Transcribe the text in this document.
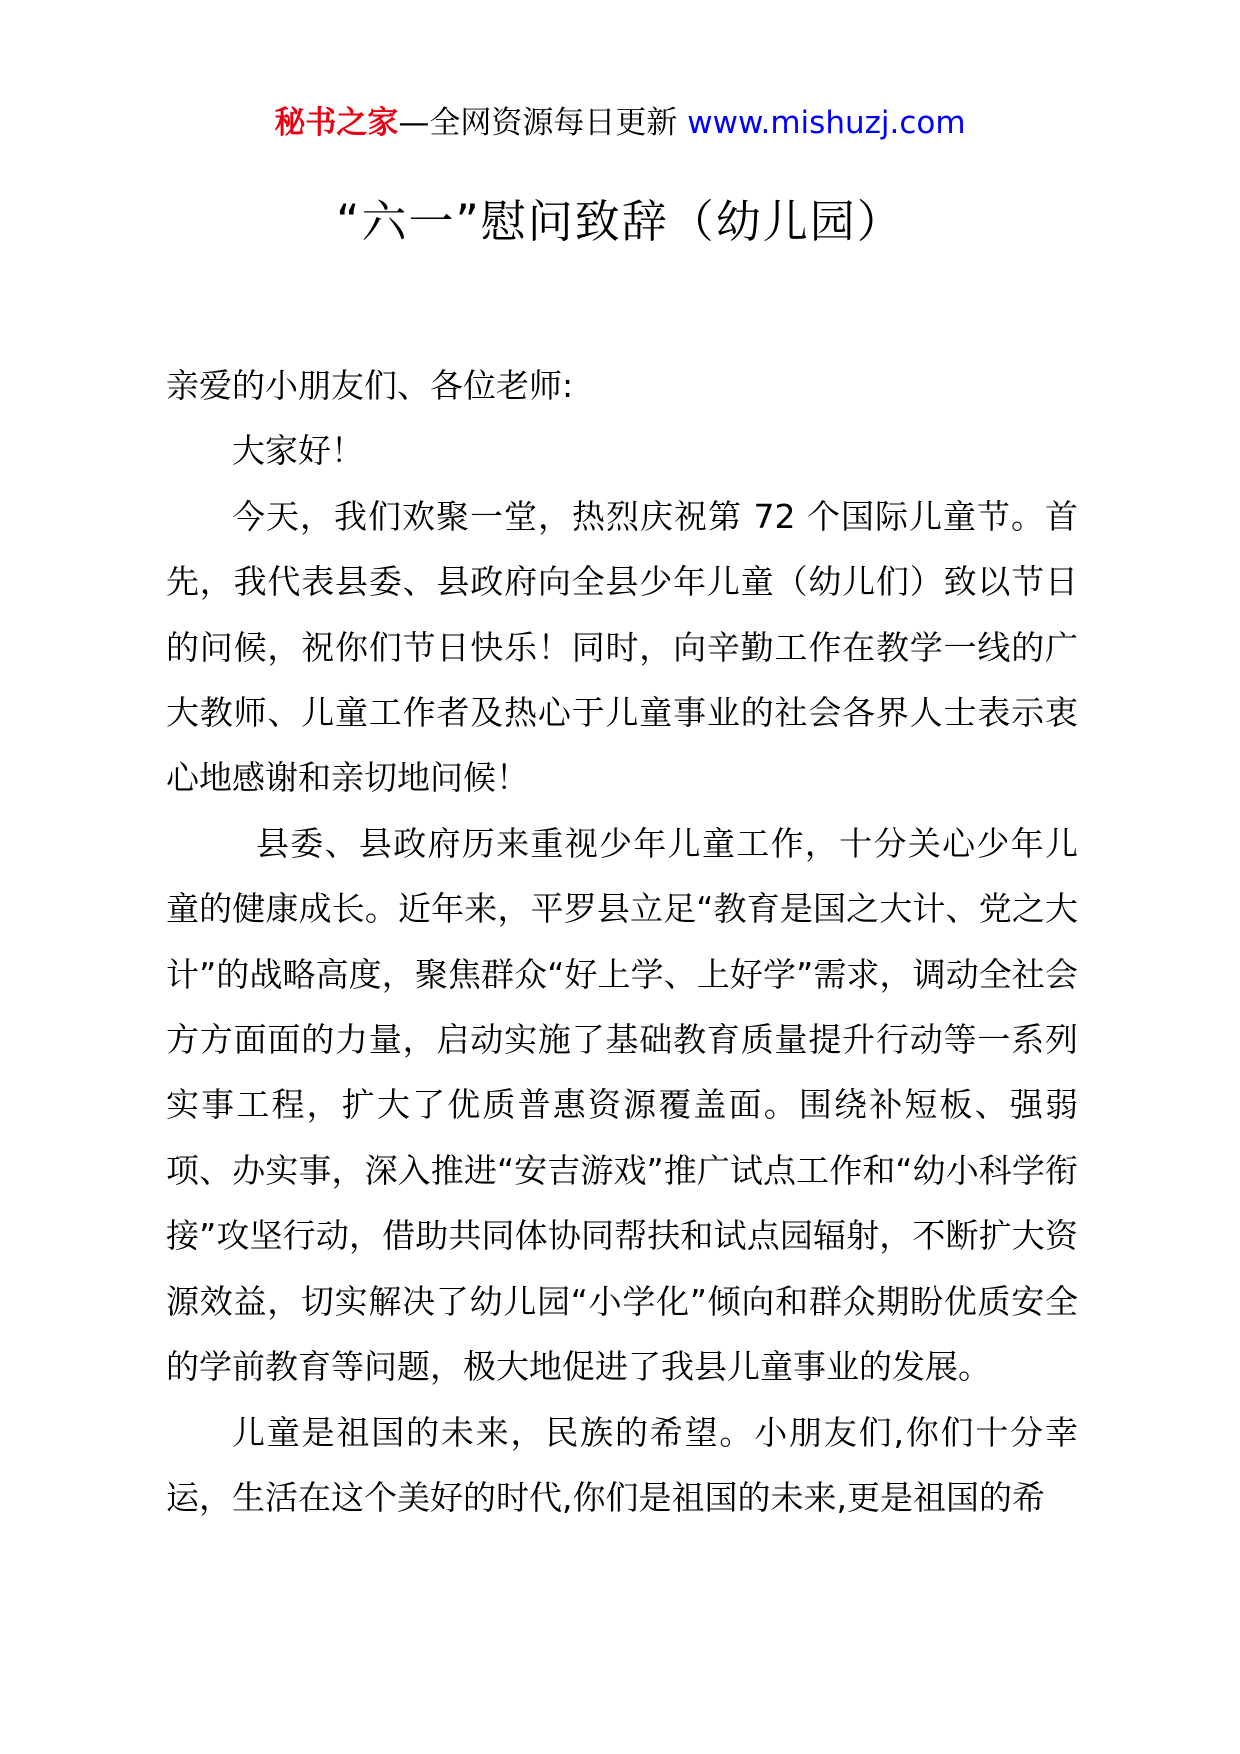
秘书之家—全网资源每日更新 www.mishuzj.com
“六一”慰问致辞（幼儿园）

亲爱的小朋友们、各位老师:

大家好！

今天，我们欢聚一堂，热烈庆祝第 72 个国际儿童节。首先，我代表县委、县政府向全县少年儿童（幼儿们）致以节日的问候，祝你们节日快乐！同时，向辛勤工作在教学一线的广大教师、儿童工作者及热心于儿童事业的社会各界人士表示衷心地感谢和亲切地问候！

县委、县政府历来重视少年儿童工作，十分关心少年儿童的健康成长。近年来，平罗县立足“教育是国之大计、党之大计”的战略高度，聚焦群众“好上学、上好学”需求，调动全社会方方面面的力量，启动实施了基础教育质量提升行动等一系列实事工程，扩大了优质普惠资源覆盖面。围绕补短板、强弱项、办实事，深入推进“安吉游戏”推广试点工作和“幼小科学衔接”攻坚行动，借助共同体协同帮扶和试点园辐射，不断扩大资源效益，切实解决了幼儿园“小学化”倾向和群众期盼优质安全的学前教育等问题，极大地促进了我县儿童事业的发展。

儿童是祖国的未来，民族的希望。小朋友们,你们十分幸运，生活在这个美好的时代,你们是祖国的未来,更是祖国的希
